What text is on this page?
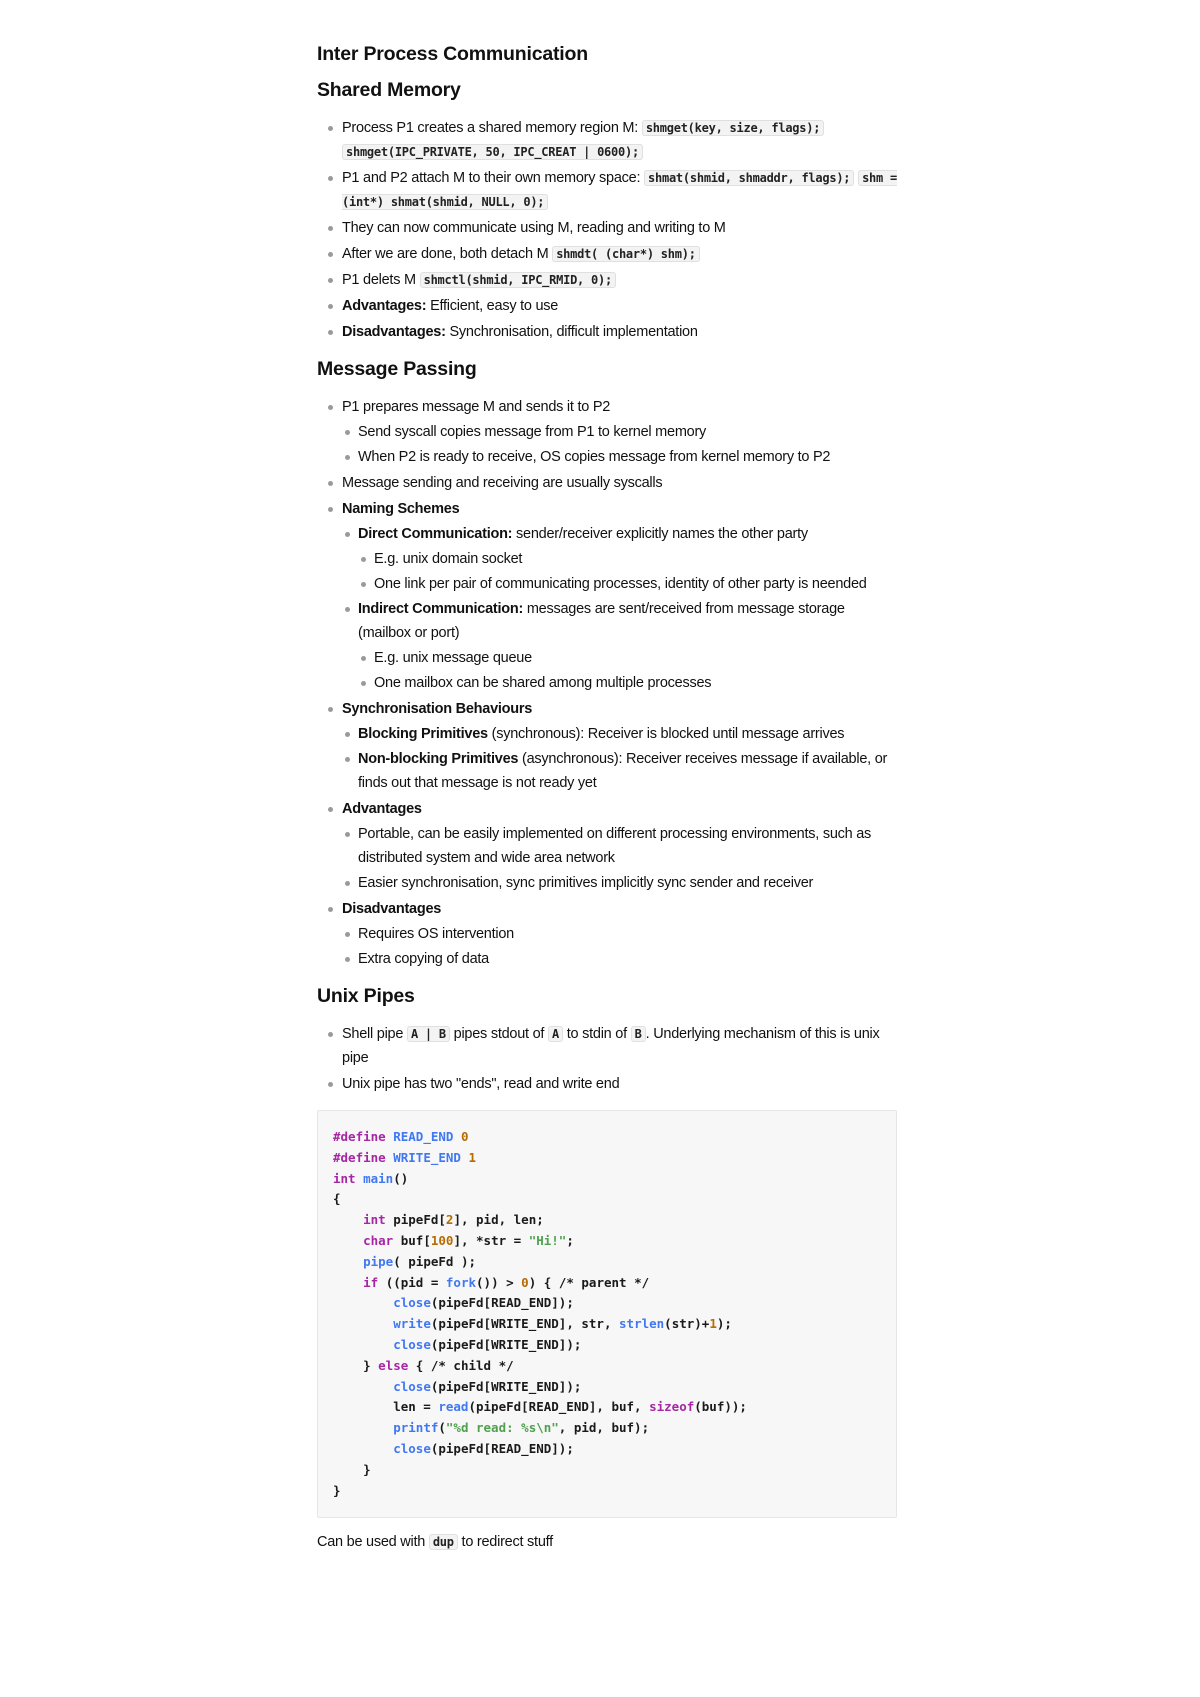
Inter Process Communication
Shared Memory
Process P1 creates a shared memory region M: shmget(key, size, flags); shmget(IPC_PRIVATE, 50, IPC_CREAT | 0600);
P1 and P2 attach M to their own memory space: shmat(shmid, shmaddr, flags); shm = (int*) shmat(shmid, NULL, 0);
They can now communicate using M, reading and writing to M
After we are done, both detach M shmdt( (char*) shm);
P1 delets M shmctl(shmid, IPC_RMID, 0);
Advantages: Efficient, easy to use
Disadvantages: Synchronisation, difficult implementation
Message Passing
P1 prepares message M and sends it to P2
Send syscall copies message from P1 to kernel memory
When P2 is ready to receive, OS copies message from kernel memory to P2
Message sending and receiving are usually syscalls
Naming Schemes
Direct Communication: sender/receiver explicitly names the other party
E.g. unix domain socket
One link per pair of communicating processes, identity of other party is neended
Indirect Communication: messages are sent/received from message storage (mailbox or port)
E.g. unix message queue
One mailbox can be shared among multiple processes
Synchronisation Behaviours
Blocking Primitives (synchronous): Receiver is blocked until message arrives
Non-blocking Primitives (asynchronous): Receiver receives message if available, or finds out that message is not ready yet
Advantages
Portable, can be easily implemented on different processing environments, such as distributed system and wide area network
Easier synchronisation, sync primitives implicitly sync sender and receiver
Disadvantages
Requires OS intervention
Extra copying of data
Unix Pipes
Shell pipe A | B pipes stdout of A to stdin of B . Underlying mechanism of this is unix pipe
Unix pipe has two "ends", read and write end
#define READ_END 0
#define WRITE_END 1
int main()
{
int pipeFd[2], pid, len;
char buf[100], *str = "Hi!";
pipe( pipeFd );
if ((pid = fork()) > 0) { /* parent */
close(pipeFd[READ_END]);
write(pipeFd[WRITE_END], str, strlen(str)+1);
close(pipeFd[WRITE_END]);
} else { /* child */
close(pipeFd[WRITE_END]);
len = read(pipeFd[READ_END], buf, sizeof(buf));
printf("%d read: %s\n", pid, buf);
close(pipeFd[READ_END]);
}
}

Can be used with dup to redirect stuff
